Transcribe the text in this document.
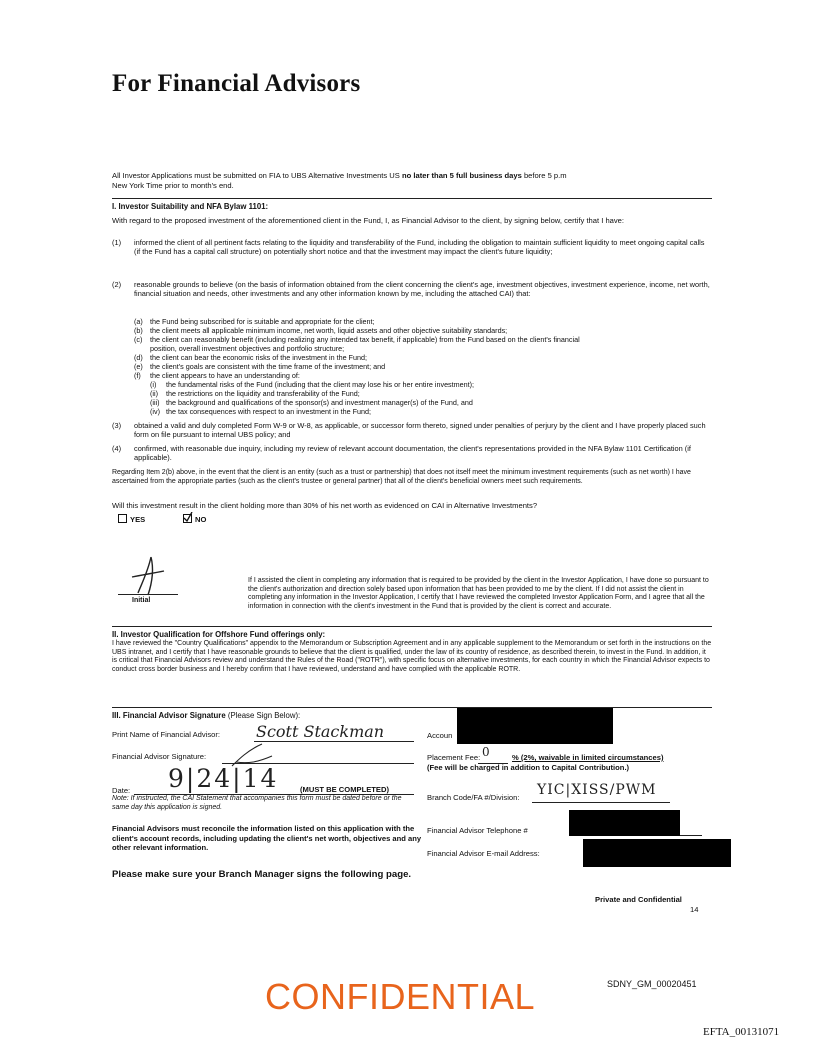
For Financial Advisors
All Investor Applications must be submitted on FIA to UBS Alternative Investments US no later than 5 full business days before 5 p.m
New York Time prior to month's end.
I. Investor Suitability and NFA Bylaw 1101:
With regard to the proposed investment of the aforementioned client in the Fund, I, as Financial Advisor to the client, by signing below, certify that I have:
(1) informed the client of all pertinent facts relating to the liquidity and transferability of the Fund, including the obligation to maintain sufficient liquidity to meet ongoing capital calls (if the Fund has a capital call structure) on potentially short notice and that the investment may impact the client's future liquidity;
(2) reasonable grounds to believe (on the basis of information obtained from the client concerning the client's age, investment objectives, investment experience, income, net worth, financial situation and needs, other investments and any other information known by me, including the attached CAI) that:
(a) the Fund being subscribed for is suitable and appropriate for the client;
(b) the client meets all applicable minimum income, net worth, liquid assets and other objective suitability standards;
(c) the client can reasonably benefit (including realizing any intended tax benefit, if applicable) from the Fund based on the client's financial
position, overall investment objectives and portfolio structure;
(d) the client can bear the economic risks of the investment in the Fund;
(e) the client's goals are consistent with the time frame of the investment; and
(f) the client appears to have an understanding of:
(i) the fundamental risks of the Fund (including that the client may lose his or her entire investment);
(ii) the restrictions on the liquidity and transferability of the Fund;
(iii) the background and qualifications of the sponsor(s) and investment manager(s) of the Fund, and
(iv) the tax consequences with respect to an investment in the Fund;
(3) obtained a valid and duly completed Form W-9 or W-8, as applicable, or successor form thereto, signed under penalties of perjury by the client and I have properly placed such form on file pursuant to internal UBS policy; and
(4) confirmed, with reasonable due inquiry, including my review of relevant account documentation, the client's representations provided in the NFA Bylaw 1101 Certification (if applicable).
Regarding Item 2(b) above, in the event that the client is an entity (such as a trust or partnership) that does not itself meet the minimum investment requirements (such as net worth) I have ascertained from the appropriate parties (such as the client's trustee or general partner) that all of the client's beneficial owners meet such requirements.
Will this investment result in the client holding more than 30% of his net worth as evidenced on CAI in Alternative Investments?
YES	NO
Initial
If I assisted the client in completing any information that is required to be provided by the client in the Investor Application, I have done so pursuant to the client's authorization and direction solely based upon information that has been provided to me by the client. If I did not assist the client in completing any information in the Investor Application, I certify that I have reviewed the completed Investor Application Form, and I agree that all the information in connection with the client's investment in the Fund that is provided by the client is correct and accurate.
II. Investor Qualification for Offshore Fund offerings only:
I have reviewed the "Country Qualifications" appendix to the Memorandum or Subscription Agreement and in any applicable supplement to the Memorandum or set forth in the instructions on the UBS intranet, and I certify that I have reasonable grounds to believe that the client is qualified, under the law of its country of residence, as described therein, to invest in the Fund. In addition, it is critical that Financial Advisors review and understand the Rules of the Road ("ROTR"), with specific focus on alternative investments, for each country in which the Financial Advisor expects to conduct cross border business and I hereby confirm that I have reviewed, understand and have complied with the applicable ROTR.
III. Financial Advisor Signature (Please Sign Below):
Print Name of Financial Advisor: Scott Stackman
Financial Advisor Signature:
Date: 9|24|14	(MUST BE COMPLETED)
Note: If instructed, the CAI Statement that accompanies this form must be dated before or the same day this application is signed.
Financial Advisors must reconcile the information listed on this application with the client's account records, including updating the client's net worth, objectives and any other relevant information.
Accoun
Placement Fee: 0	% (2%, waivable in limited circumstances)
(Fee will be charged in addition to Capital Contribution.)
Branch Code/FA #/Division: YIC|XISS/PWM
Financial Advisor Telephone #
Financial Advisor E-mail Address:
Please make sure your Branch Manager signs the following page.
Private and Confidential
14
SDNY_GM_00020451
CONFIDENTIAL
EFTA_00131071
